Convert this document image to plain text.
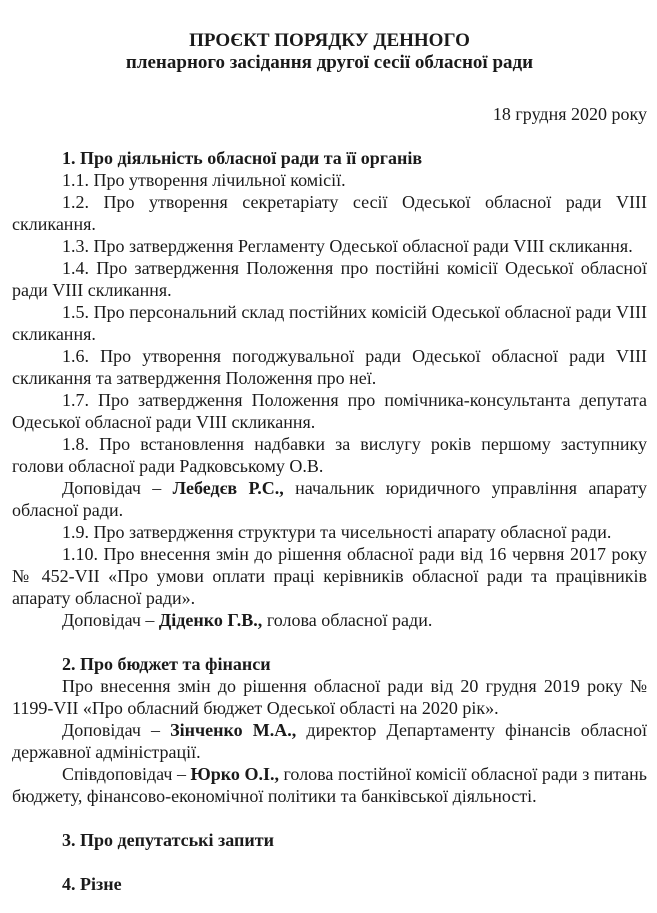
ПРОЄКТ ПОРЯДКУ ДЕННОГО
пленарного засідання другої сесії обласної ради
18 грудня 2020 року

1. Про діяльність обласної ради та її органів

1.1. Про утворення лічильної комісії.

1.2. Про утворення секретаріату сесії Одеської обласної ради VIII скликання.

1.3. Про затвердження Регламенту Одеської обласної ради VIII скликання.

1.4. Про затвердження Положення про постійні комісії Одеської обласної ради VIII скликання.

1.5. Про персональний склад постійних комісій Одеської обласної ради VIII скликання.

1.6. Про утворення погоджувальної ради Одеської обласної ради VIII скликання та затвердження Положення про неї.

1.7. Про затвердження Положення про помічника-консультанта депутата Одеської обласної ради VIII скликання.

1.8. Про встановлення надбавки за вислугу років першому заступнику голови обласної ради Радковському О.В.

Доповідач – Лебедєв Р.С., начальник юридичного управління апарату обласної ради.

1.9. Про затвердження структури та чисельності апарату обласної ради.

1.10. Про внесення змін до рішення обласної ради від 16 червня 2017 року № 452-VII «Про умови оплати праці керівників обласної ради та працівників апарату обласної ради».

Доповідач – Діденко Г.В., голова обласної ради.

2. Про бюджет та фінанси

Про внесення змін до рішення обласної ради від 20 грудня 2019 року № 1199-VII «Про обласний бюджет Одеської області на 2020 рік».

Доповідач – Зінченко М.А., директор Департаменту фінансів обласної державної адміністрації.

Співдоповідач – Юрко О.І., голова постійної комісії обласної ради з питань бюджету, фінансово-економічної політики та банківської діяльності.

3. Про депутатські запити

4. Різне
